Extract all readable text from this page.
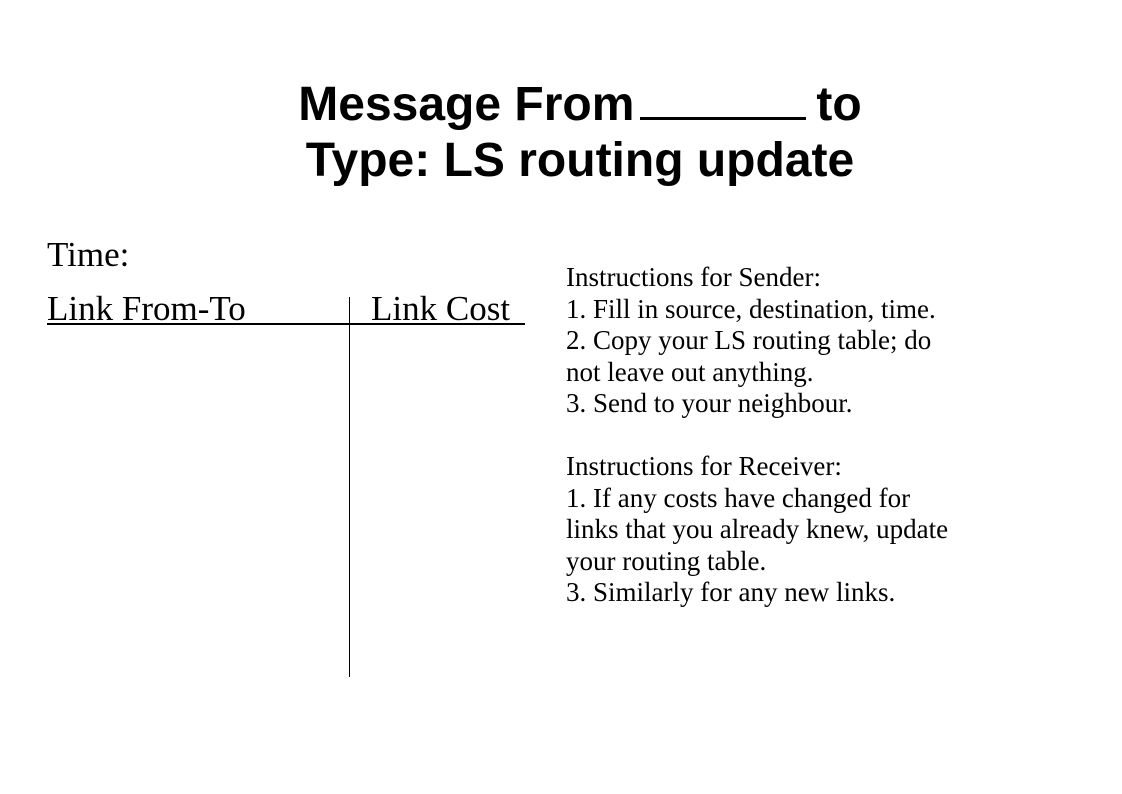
Message From	to
Type: LS routing update

Time:

Link From-To	Link Cost

Instructions for Sender:
1. Fill in source, destination, time.
2. Copy your LS routing table; do
not leave out anything.
3. Send to your neighbour.
Instructions for Receiver:
1. If any costs have changed for
links that you already knew, update
your routing table.
3. Similarly for any new links.
